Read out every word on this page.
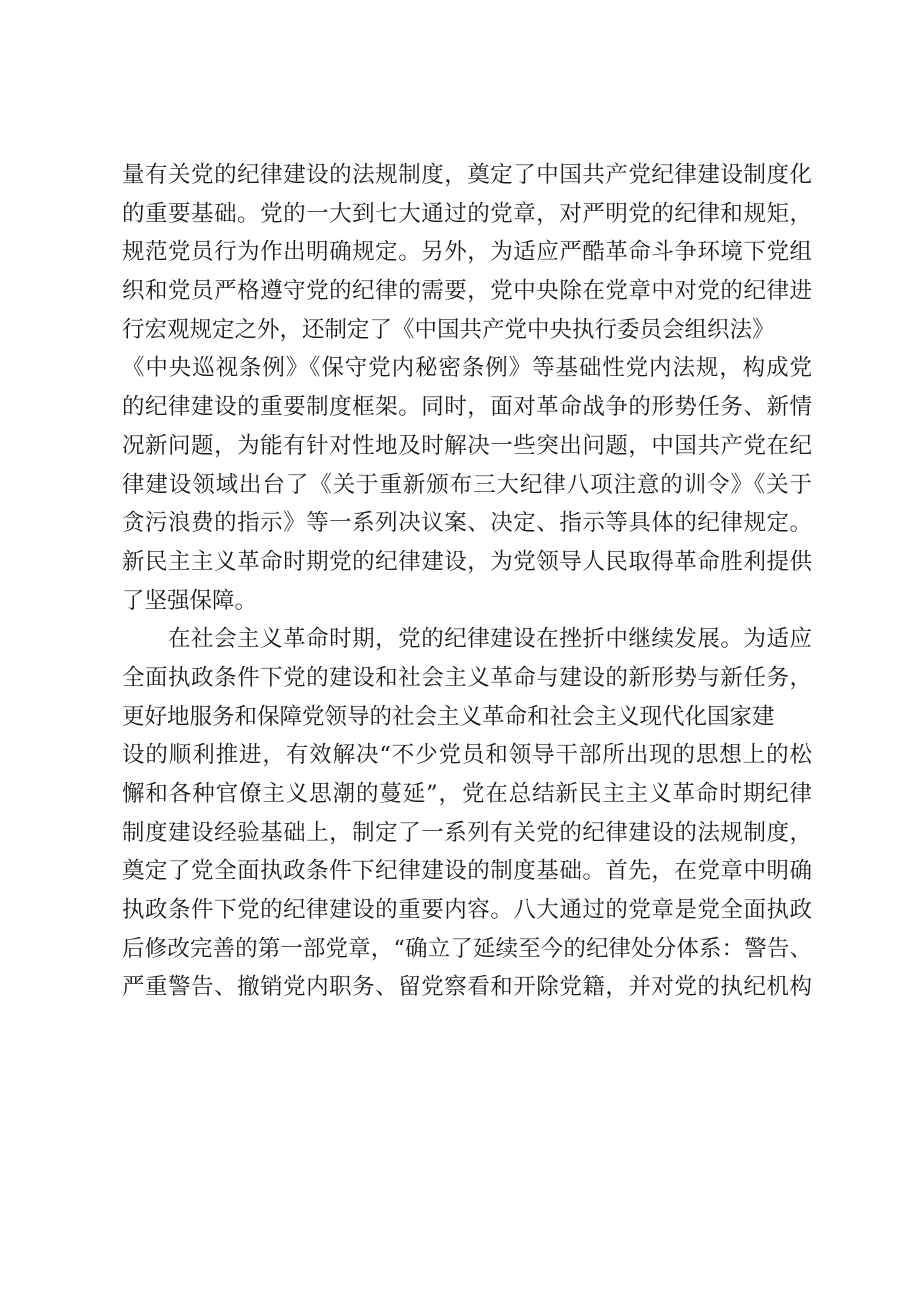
量有关党的纪律建设的法规制度，奠定了中国共产党纪律建设制度化
的重要基础。党的一大到七大通过的党章，对严明党的纪律和规矩，
规范党员行为作出明确规定。另外，为适应严酷革命斗争环境下党组
织和党员严格遵守党的纪律的需要，党中央除在党章中对党的纪律进
行宏观规定之外，还制定了《中国共产党中央执行委员会组织法》
《中央巡视条例》《保守党内秘密条例》等基础性党内法规，构成党
的纪律建设的重要制度框架。同时，面对革命战争的形势任务、新情
况新问题，为能有针对性地及时解决一些突出问题，中国共产党在纪
律建设领域出台了《关于重新颁布三大纪律八项注意的训令》《关于
贪污浪费的指示》等一系列决议案、决定、指示等具体的纪律规定。
新民主主义革命时期党的纪律建设，为党领导人民取得革命胜利提供
了坚强保障。
在社会主义革命时期，党的纪律建设在挫折中继续发展。为适应
全面执政条件下党的建设和社会主义革命与建设的新形势与新任务，
更好地服务和保障党领导的社会主义革命和社会主义现代化国家建
设的顺利推进，有效解决“不少党员和领导干部所出现的思想上的松
懈和各种官僚主义思潮的蔓延”，党在总结新民主主义革命时期纪律
制度建设经验基础上，制定了一系列有关党的纪律建设的法规制度，
奠定了党全面执政条件下纪律建设的制度基础。首先，在党章中明确
执政条件下党的纪律建设的重要内容。八大通过的党章是党全面执政
后修改完善的第一部党章，“确立了延续至今的纪律处分体系：警告、
严重警告、撤销党内职务、留党察看和开除党籍，并对党的执纪机构
